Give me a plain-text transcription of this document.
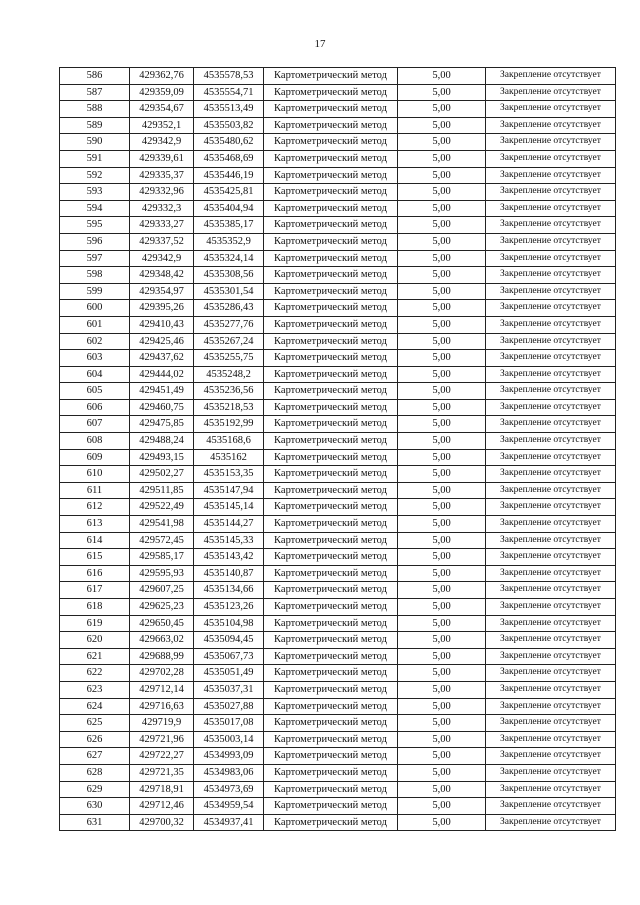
17
586	429362,76	4535578,53	Картометрический метод	5,00	Закрепление отсутствует
587	429359,09	4535554,71	Картометрический метод	5,00	Закрепление отсутствует
588	429354,67	4535513,49	Картометрический метод	5,00	Закрепление отсутствует
589	429352,1	4535503,82	Картометрический метод	5,00	Закрепление отсутствует
590	429342,9	4535480,62	Картометрический метод	5,00	Закрепление отсутствует
591	429339,61	4535468,69	Картометрический метод	5,00	Закрепление отсутствует
592	429335,37	4535446,19	Картометрический метод	5,00	Закрепление отсутствует
593	429332,96	4535425,81	Картометрический метод	5,00	Закрепление отсутствует
594	429332,3	4535404,94	Картометрический метод	5,00	Закрепление отсутствует
595	429333,27	4535385,17	Картометрический метод	5,00	Закрепление отсутствует
596	429337,52	4535352,9	Картометрический метод	5,00	Закрепление отсутствует
597	429342,9	4535324,14	Картометрический метод	5,00	Закрепление отсутствует
598	429348,42	4535308,56	Картометрический метод	5,00	Закрепление отсутствует
599	429354,97	4535301,54	Картометрический метод	5,00	Закрепление отсутствует
600	429395,26	4535286,43	Картометрический метод	5,00	Закрепление отсутствует
601	429410,43	4535277,76	Картометрический метод	5,00	Закрепление отсутствует
602	429425,46	4535267,24	Картометрический метод	5,00	Закрепление отсутствует
603	429437,62	4535255,75	Картометрический метод	5,00	Закрепление отсутствует
604	429444,02	4535248,2	Картометрический метод	5,00	Закрепление отсутствует
605	429451,49	4535236,56	Картометрический метод	5,00	Закрепление отсутствует
606	429460,75	4535218,53	Картометрический метод	5,00	Закрепление отсутствует
607	429475,85	4535192,99	Картометрический метод	5,00	Закрепление отсутствует
608	429488,24	4535168,6	Картометрический метод	5,00	Закрепление отсутствует
609	429493,15	4535162	Картометрический метод	5,00	Закрепление отсутствует
610	429502,27	4535153,35	Картометрический метод	5,00	Закрепление отсутствует
611	429511,85	4535147,94	Картометрический метод	5,00	Закрепление отсутствует
612	429522,49	4535145,14	Картометрический метод	5,00	Закрепление отсутствует
613	429541,98	4535144,27	Картометрический метод	5,00	Закрепление отсутствует
614	429572,45	4535145,33	Картометрический метод	5,00	Закрепление отсутствует
615	429585,17	4535143,42	Картометрический метод	5,00	Закрепление отсутствует
616	429595,93	4535140,87	Картометрический метод	5,00	Закрепление отсутствует
617	429607,25	4535134,66	Картометрический метод	5,00	Закрепление отсутствует
618	429625,23	4535123,26	Картометрический метод	5,00	Закрепление отсутствует
619	429650,45	4535104,98	Картометрический метод	5,00	Закрепление отсутствует
620	429663,02	4535094,45	Картометрический метод	5,00	Закрепление отсутствует
621	429688,99	4535067,73	Картометрический метод	5,00	Закрепление отсутствует
622	429702,28	4535051,49	Картометрический метод	5,00	Закрепление отсутствует
623	429712,14	4535037,31	Картометрический метод	5,00	Закрепление отсутствует
624	429716,63	4535027,88	Картометрический метод	5,00	Закрепление отсутствует
625	429719,9	4535017,08	Картометрический метод	5,00	Закрепление отсутствует
626	429721,96	4535003,14	Картометрический метод	5,00	Закрепление отсутствует
627	429722,27	4534993,09	Картометрический метод	5,00	Закрепление отсутствует
628	429721,35	4534983,06	Картометрический метод	5,00	Закрепление отсутствует
629	429718,91	4534973,69	Картометрический метод	5,00	Закрепление отсутствует
630	429712,46	4534959,54	Картометрический метод	5,00	Закрепление отсутствует
631	429700,32	4534937,41	Картометрический метод	5,00	Закрепление отсутствует
